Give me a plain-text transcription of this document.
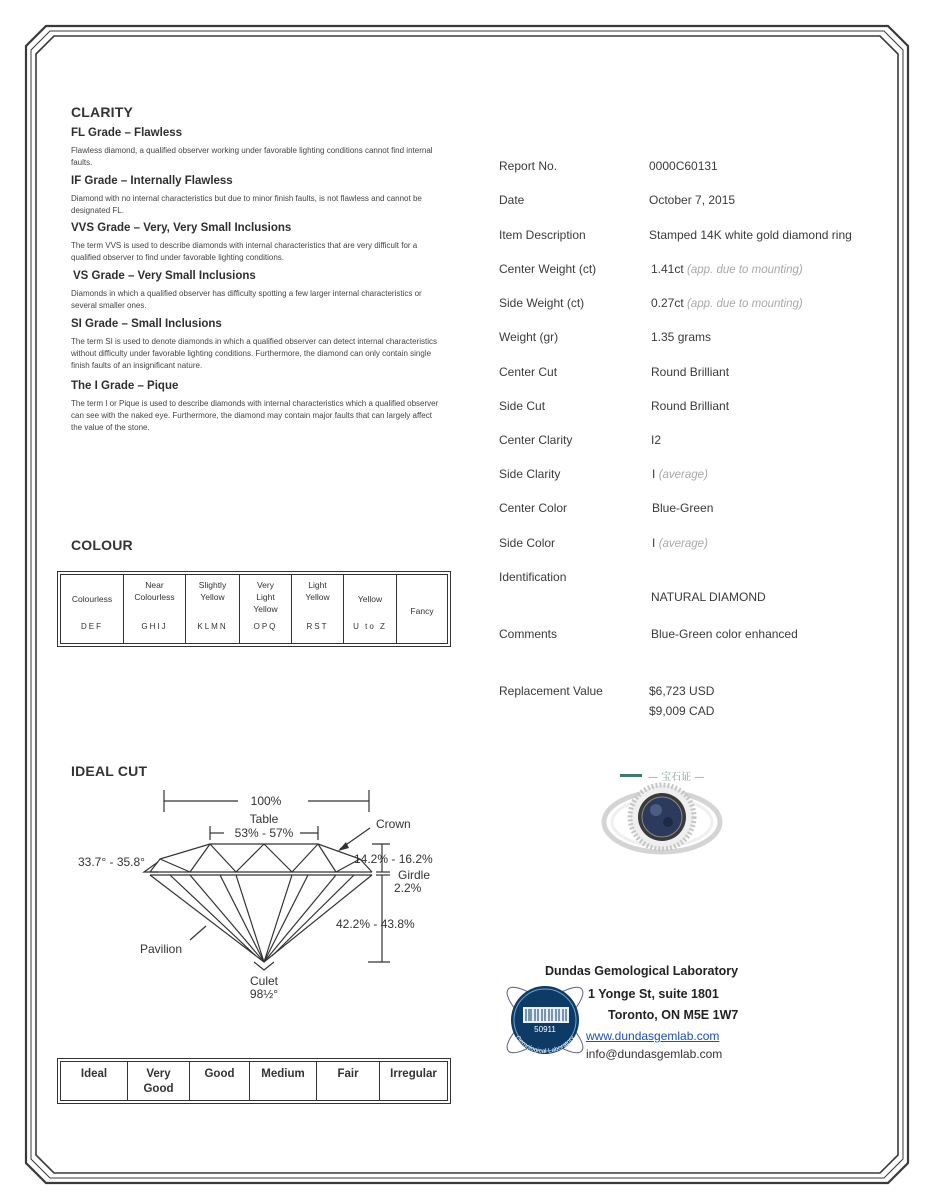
CLARITY
FL Grade – Flawless
Flawless diamond, a qualified observer working under favorable lighting conditions cannot find internal faults.
IF Grade – Internally Flawless
Diamond with no internal characteristics but due to minor finish faults, is not flawless and cannot be designated FL.
VVS Grade – Very, Very Small Inclusions
The term VVS is used to describe diamonds with internal characteristics that are very difficult for a qualified observer to find under favorable lighting conditions.
VS Grade – Very Small Inclusions
Diamonds in which a qualified observer has difficulty spotting a few larger internal characteristics or several smaller ones.
SI Grade – Small Inclusions
The term SI is used to denote diamonds in which a qualified observer can detect internal characteristics without difficulty under favorable lighting conditions. Furthermore, the diamond can only contain single finish faults of an insignificant nature.
The I Grade – Pique
The term I or Pique is used to describe diamonds with internal characteristics which a qualified observer can see with the naked eye. Furthermore, the diamond may contain major faults that can largely affect the value of the stone.
COLOUR
Colourless
DEF
Near Colourless
GHIJ
Slightly Yellow
KLMN
Very Light Yellow
OPQ
Light Yellow
RST
Yellow
U to Z
Fancy
IDEAL CUT
100%
Table
53% - 57%
Crown
33.7° - 35.8°	14.2% - 16.2%
Girdle
2.2%
42.2% - 43.8%
Pavilion
Culet
98½°
Ideal	Very Good
Good	Medium	Fair	Irregular
Report No.	0000C60131
Date	October 7, 2015
Item Description	Stamped 14K white gold diamond ring
Center Weight (ct)	1.41ct (app. due to mounting)
Side Weight (ct)	0.27ct (app. due to mounting)
Weight (gr)	1.35 grams
Center Cut	Round Brilliant
Side Cut	Round Brilliant
Center Clarity	I2
Side Clarity	I (average)
Center Color	Blue-Green
Side Color	I (average)
Identification
NATURAL DIAMOND
Comments	Blue-Green color enhanced
Replacement Value	$6,723 USD
$9,009 CAD
— 宝石证 —
Dundas
50911
Gemological Laboratory
Dundas Gemological Laboratory
1 Yonge St, suite 1801
Toronto, ON M5E 1W7
www.dundasgemlab.com
info@dundasgemlab.com
